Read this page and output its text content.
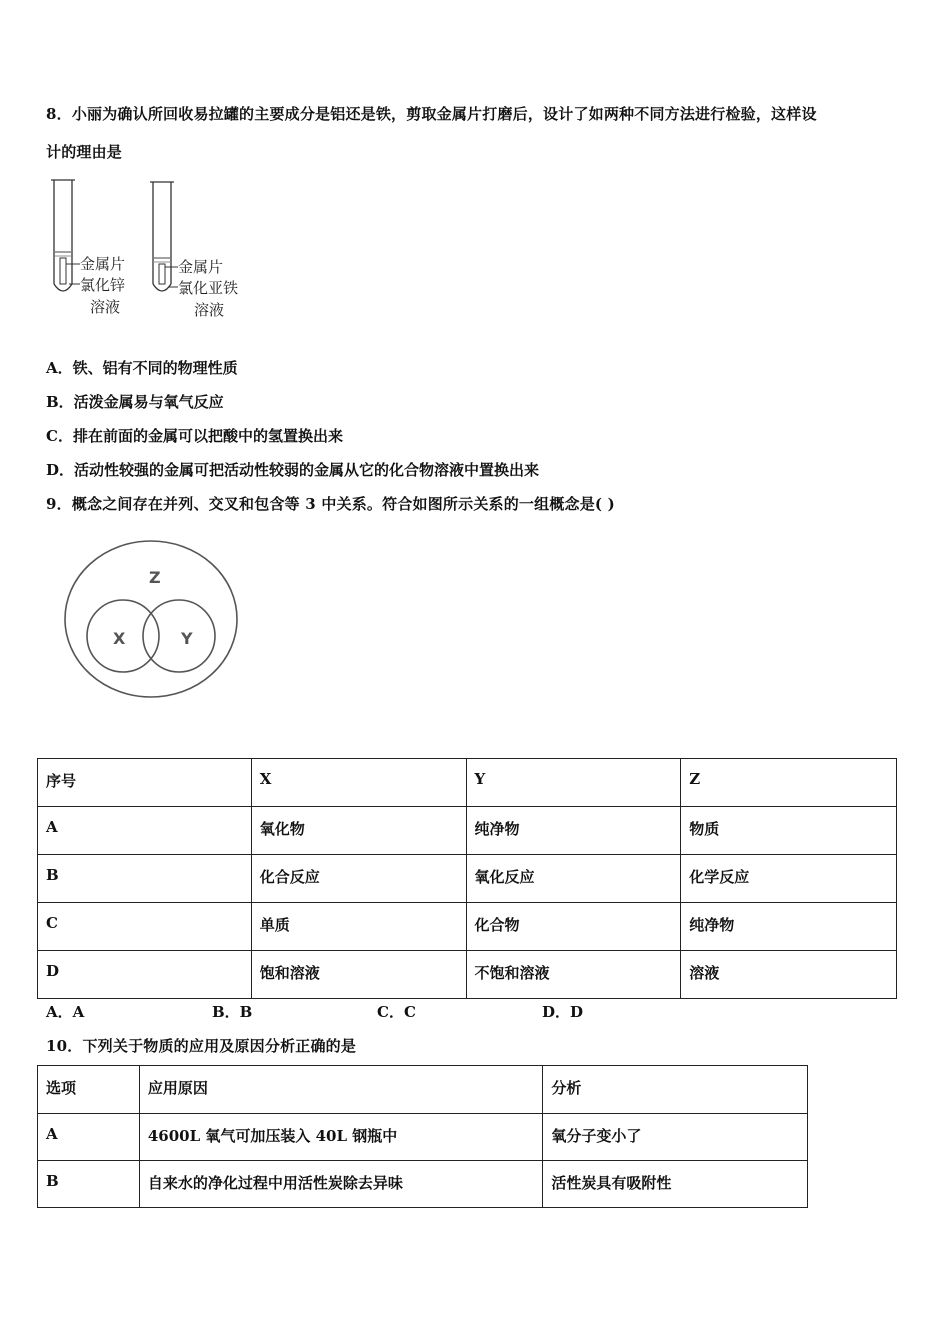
8．小丽为确认所回收易拉罐的主要成分是铝还是铁，剪取金属片打磨后，设计了如两种不同方法进行检验，这样设
计的理由是
金属片
氯化锌
溶液
金属片
氯化亚铁
溶液
A．铁、铝有不同的物理性质
B．活泼金属易与氧气反应
C．排在前面的金属可以把酸中的氢置换出来
D．活动性较强的金属可把活动性较弱的金属从它的化合物溶液中置换出来
9．概念之间存在并列、交叉和包含等 3 中关系。符合如图所示关系的一组概念是( )
Z
X	Y
序号	X	Y	Z
A	氧化物	纯净物	物质
B	化合反应	氧化反应	化学反应
C	单质	化合物	纯净物
D	饱和溶液	不饱和溶液	溶液
A．A	B．B	C．C	D．D
10．下列关于物质的应用及原因分析正确的是
选项	应用原因	分析
A	4600L 氧气可加压装入 40L 钢瓶中	氧分子变小了
B	自来水的净化过程中用活性炭除去异味	活性炭具有吸附性
